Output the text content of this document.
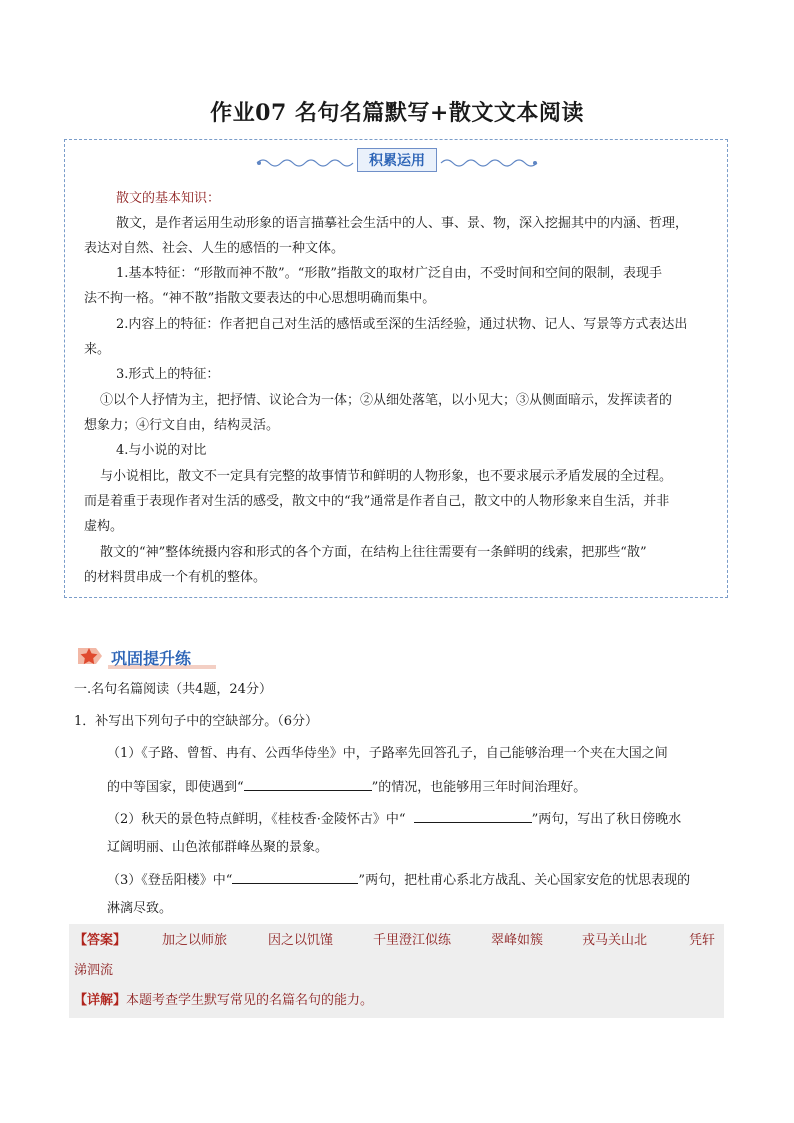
作业07 名句名篇默写+散文文本阅读
积累运用
散文的基本知识：
散文，是作者运用生动形象的语言描摹社会生活中的人、事、景、物，深入挖掘其中的内涵、哲理，
表达对自然、社会、人生的感悟的一种文体。
1.基本特征：“形散而神不散”。“形散”指散文的取材广泛自由，不受时间和空间的限制，表现手
法不拘一格。“神不散”指散文要表达的中心思想明确而集中。
2.内容上的特征：作者把自己对生活的感悟或至深的生活经验，通过状物、记人、写景等方式表达出
来。
3.形式上的特征：
①以个人抒情为主，把抒情、议论合为一体；②从细处落笔，以小见大；③从侧面暗示，发挥读者的
想象力；④行文自由，结构灵活。
4.与小说的对比
与小说相比，散文不一定具有完整的故事情节和鲜明的人物形象，也不要求展示矛盾发展的全过程。
而是着重于表现作者对生活的感受，散文中的“我”通常是作者自己，散文中的人物形象来自生活，并非
虚构。
散文的“神”整体统摄内容和形式的各个方面，在结构上往往需要有一条鲜明的线索，把那些“散”
的材料贯串成一个有机的整体。
巩固提升练
一.名句名篇阅读（共4题，24分）
1．补写出下列句子中的空缺部分。（6分）
（1）《子路、曾皙、冉有、公西华侍坐》中，子路率先回答孔子，自己能够治理一个夹在大国之间
的中等国家，即使遇到“	”的情况，也能够用三年时间治理好。
（2）秋天的景色特点鲜明，《桂枝香·金陵怀古》中“	”两句，写出了秋日傍晚水
辽阔明丽、山色浓郁群峰丛聚的景象。
（3）《登岳阳楼》中“	”两句，把杜甫心系北方战乱、关心国家安危的忧思表现的
淋漓尽致。
【答案】	加之以师旅	因之以饥馑	千里澄江似练	翠峰如簇	戎马关山北	凭轩
涕泗流
【详解】本题考查学生默写常见的名篇名句的能力。
